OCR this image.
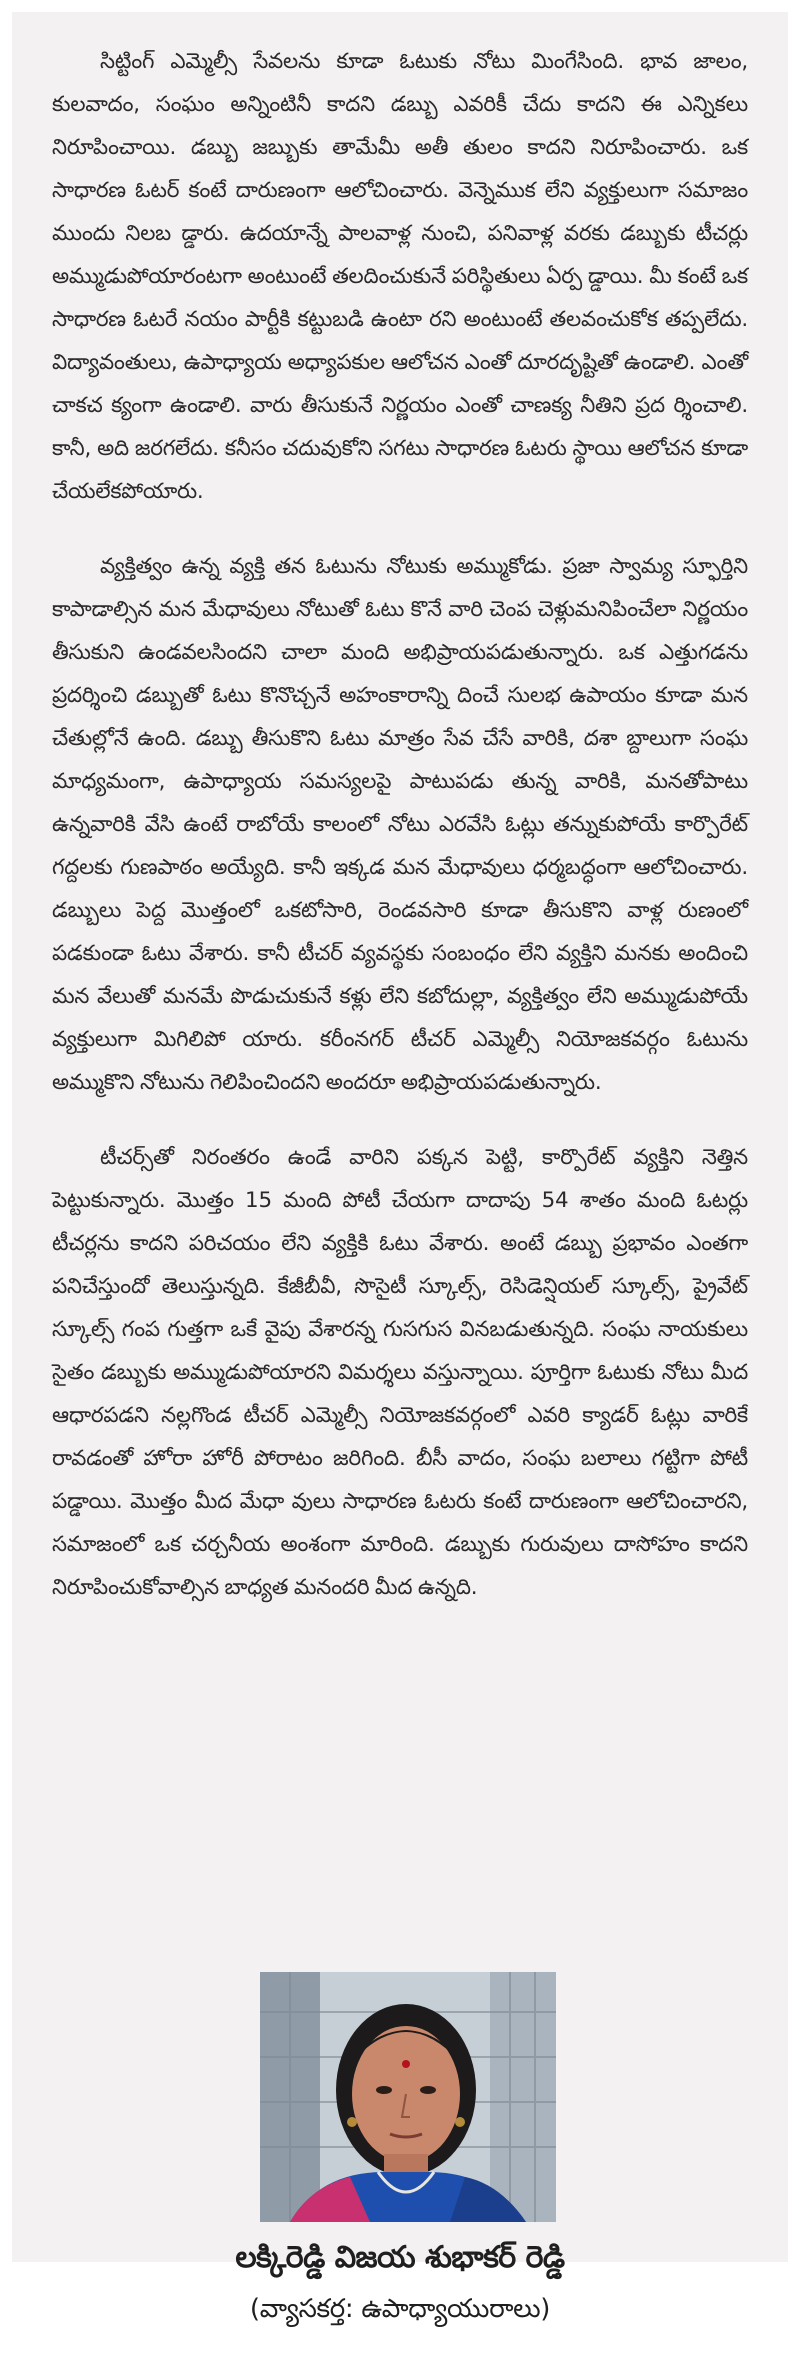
సిట్టింగ్‌ ఎమ్మెల్సీ సేవలను కూడా ఓటుకు నోటు మింగేసింది. భావ జాలం, కులవాదం, సంఘం అన్నింటినీ కాదని డబ్బు ఎవరికీ చేదు కాదని ఈ ఎన్నికలు నిరూపించాయి. డబ్బు జబ్బుకు తామేమీ అతీ తులం కాదని నిరూపించారు. ఒక సాధారణ ఓటర్‌ కంటే దారుణంగా ఆలోచించారు. వెన్నెముక లేని వ్యక్తులుగా సమాజం ముందు నిలబ డ్డారు. ఉదయాన్నే పాలవాళ్ల నుంచి, పనివాళ్ల వరకు డబ్బుకు టీచర్లు అమ్ముడుపోయారంటగా అంటుంటే తలదించుకునే పరిస్థితులు ఏర్ప డ్డాయి. మీ కంటే ఒక సాధారణ ఓటరే నయం పార్టీకి కట్టుబడి ఉంటా రని అంటుంటే తలవంచుకోక తప్పలేదు. విద్యావంతులు, ఉపాధ్యాయ అధ్యాపకుల ఆలోచన ఎంతో దూరదృష్టితో ఉండాలి. ఎంతో చాకచ క్యంగా ఉండాలి. వారు తీసుకునే నిర్ణయం ఎంతో చాణక్య నీతిని ప్రద ర్శించాలి. కానీ, అది జరగలేదు. కనీసం చదువుకోని సగటు సాధారణ ఓటరు స్థాయి ఆలోచన కూడా చేయలేకపోయారు.

వ్యక్తిత్వం ఉన్న వ్యక్తి తన ఓటును నోటుకు అమ్ముకోడు. ప్రజా స్వామ్య స్ఫూర్తిని కాపాడాల్సిన మన మేధావులు నోటుతో ఓటు కొనే వారి చెంప చెళ్లుమనిపించేలా నిర్ణయం తీసుకుని ఉండవలసిందని చాలా మంది అభిప్రాయపడుతున్నారు. ఒక ఎత్తుగడను ప్రదర్శించి డబ్బుతో ఓటు కొనొచ్చనే అహంకారాన్ని దించే సులభ ఉపాయం కూడా మన చేతుల్లోనే ఉంది. డబ్బు తీసుకొని ఓటు మాత్రం సేవ చేసే వారికి, దశా బ్దాలుగా సంఘ మాధ్యమంగా, ఉపాధ్యాయ సమస్యలపై పాటుపడు తున్న వారికి, మనతోపాటు ఉన్నవారికి వేసి ఉంటే రాబోయే కాలంలో నోటు ఎరవేసి ఓట్లు తన్నుకుపోయే కార్పొరేట్‌ గద్దలకు గుణపాఠం అయ్యేది. కానీ ఇక్కడ మన మేధావులు ధర్మబద్ధంగా ఆలోచించారు. డబ్బులు పెద్ద మొత్తంలో ఒకటోసారి, రెండవసారి కూడా తీసుకొని వాళ్ల రుణంలో పడకుండా ఓటు వేశారు. కానీ టీచర్‌ వ్యవస్థకు సంబంధం లేని వ్యక్తిని మనకు అందించి మన వేలుతో మనమే పొడుచుకునే కళ్లు లేని కబోదుల్లా, వ్యక్తిత్వం లేని అమ్ముడుపోయే వ్యక్తులుగా మిగిలిపో యారు. కరీంనగర్‌ టీచర్‌ ఎమ్మెల్సీ నియోజకవర్గం ఓటును అమ్ముకొని నోటును గెలిపించిందని అందరూ అభిప్రాయపడుతున్నారు.

టీచర్స్‌తో నిరంతరం ఉండే వారిని పక్కన పెట్టి, కార్పొరేట్‌ వ్యక్తిని నెత్తిన పెట్టుకున్నారు. మొత్తం 15 మంది పోటీ చేయగా దాదాపు 54 శాతం మంది ఓటర్లు టీచర్లను కాదని పరిచయం లేని వ్యక్తికి ఓటు వేశారు. అంటే డబ్బు ప్రభావం ఎంతగా పనిచేస్తుందో తెలుస్తున్నది. కేజీబీవీ, సొసైటీ స్కూల్స్‌, రెసిడెన్షియల్‌ స్కూల్స్‌, ప్రైవేట్‌ స్కూల్స్‌ గంప గుత్తగా ఒకే వైపు వేశారన్న గుసగుస వినబడుతున్నది. సంఘ నాయకులు సైతం డబ్బుకు అమ్ముడుపోయారని విమర్శలు వస్తున్నాయి. పూర్తిగా ఓటుకు నోటు మీద ఆధారపడని నల్లగొండ టీచర్‌ ఎమ్మెల్సీ నియోజకవర్గంలో ఎవరి క్యాడర్‌ ఓట్లు వారికే రావడంతో హోరా హోరీ పోరాటం జరిగింది. బీసీ వాదం, సంఘ బలాలు గట్టిగా పోటీ పడ్డాయి. మొత్తం మీద మేధా వులు సాధారణ ఓటరు కంటే దారుణంగా ఆలోచించారని, సమాజంలో ఒక చర్చనీయ అంశంగా మారింది. డబ్బుకు గురువులు దాసోహం కాదని నిరూపించుకోవాల్సిన బాధ్యత మనందరి మీద ఉన్నది.

లక్కిరెడ్డి విజయ శుభాకర్‌ రెడ్డి
(వ్యాసకర్త: ఉపాధ్యాయురాలు)
